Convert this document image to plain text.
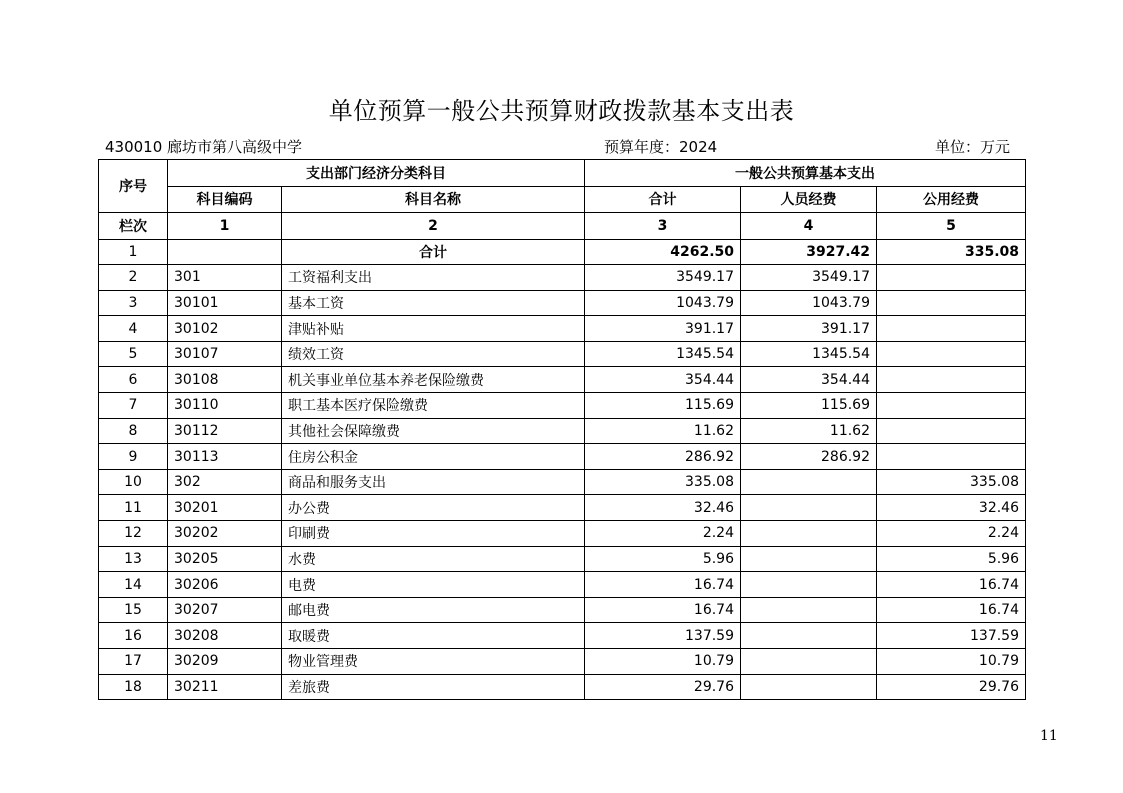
单位预算一般公共预算财政拨款基本支出表
430010 廊坊市第八高级中学	预算年度：2024	单位：万元
序号	支出部门经济分类科目		一般公共预算基本支出		
	科目编码	科目名称	合计	人员经费	公用经费
栏次	1	2	3	4	5
1		合计	4262.50	3927.42	335.08
2	301	工资福利支出	3549.17	3549.17	
3	30101	基本工资	1043.79	1043.79	
4	30102	津贴补贴	391.17	391.17	
5	30107	绩效工资	1345.54	1345.54	
6	30108	机关事业单位基本养老保险缴费	354.44	354.44	
7	30110	职工基本医疗保险缴费	115.69	115.69	
8	30112	其他社会保障缴费	11.62	11.62	
9	30113	住房公积金	286.92	286.92	
10	302	商品和服务支出	335.08		335.08
11	30201	办公费	32.46		32.46
12	30202	印刷费	2.24		2.24
13	30205	水费	5.96		5.96
14	30206	电费	16.74		16.74
15	30207	邮电费	16.74		16.74
16	30208	取暖费	137.59		137.59
17	30209	物业管理费	10.79		10.79
18	30211	差旅费	29.76		29.76
11
